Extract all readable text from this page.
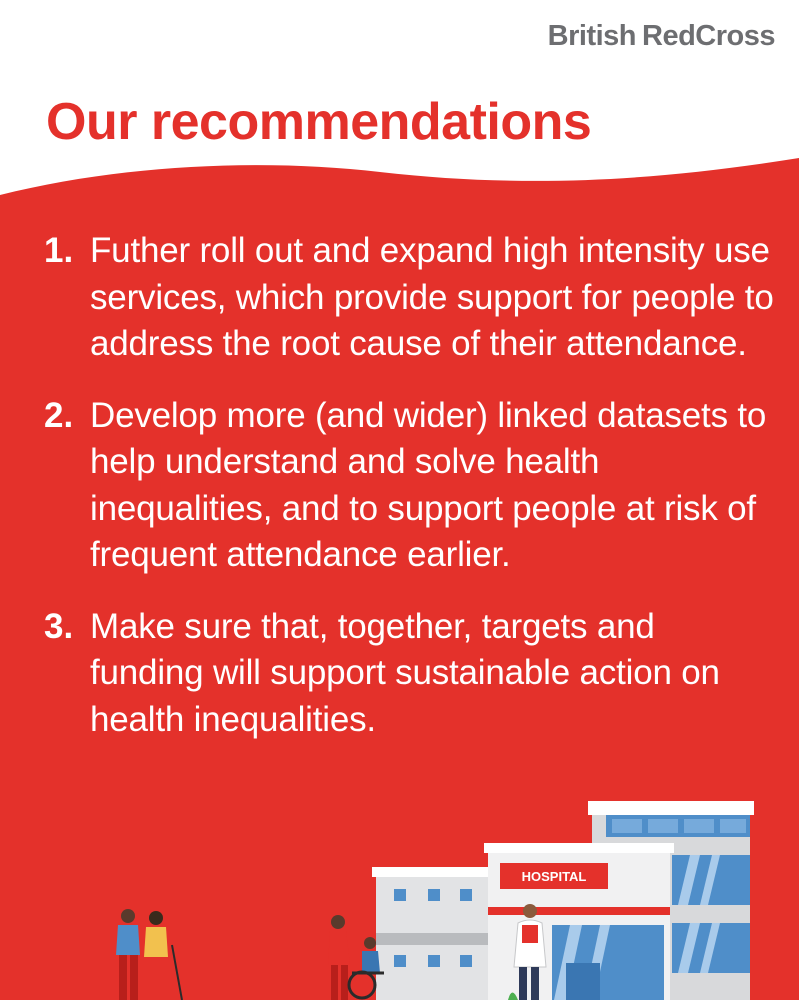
British RedCross
Our recommendations
1. Futher roll out and expand high intensity use services, which provide support for people to address the root cause of their attendance.
2. Develop more (and wider) linked datasets to help understand and solve health inequalities, and to support people at risk of frequent attendance earlier.
3. Make sure that, together, targets and funding will support sustainable action on health inequalities.
HOSPITAL
